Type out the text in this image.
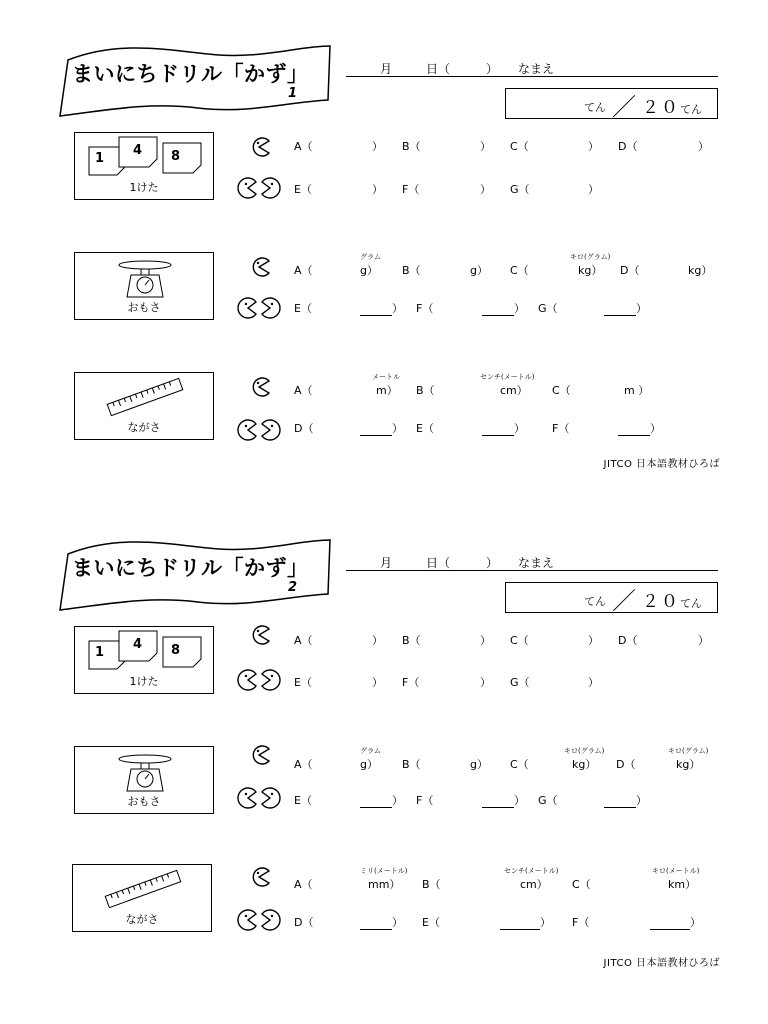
まいにちドリル「かず」
1
月	日（	） なまえ
てん ／ ２０てん
1
4 8
1けた
A（	） B（	） C（	） D（	）
E（	） F（	） G（	）
おもさ
グラム	キロ(グラム)
A（	g） B（	g） C（	kg） D（	kg）
E（	） F（	） G（	）
ながさ
メートル	センチ(メートル)
A（	m） B（	cm） C（	m ）
D（	） E（	） F（	）
JITCO 日本語教材ひろば
まいにちドリル「かず」
2
月	日（	） なまえ
てん ／ ２０てん
1
4 8
1けた
A（	） B（	） C（	） D（	）
E（	） F（	） G（	）
おもさ
グラム	キロ(グラム)	キロ(グラム)
A（	g） B（	g） C（	kg） D（	kg）
E（	） F（	） G（	）
ながさ
ミリ(メートル)	センチ(メートル)	キロ(メートル)
A（	mm） B（	cm） C（	km）
D（	） E（	） F（	）
JITCO 日本語教材ひろば
